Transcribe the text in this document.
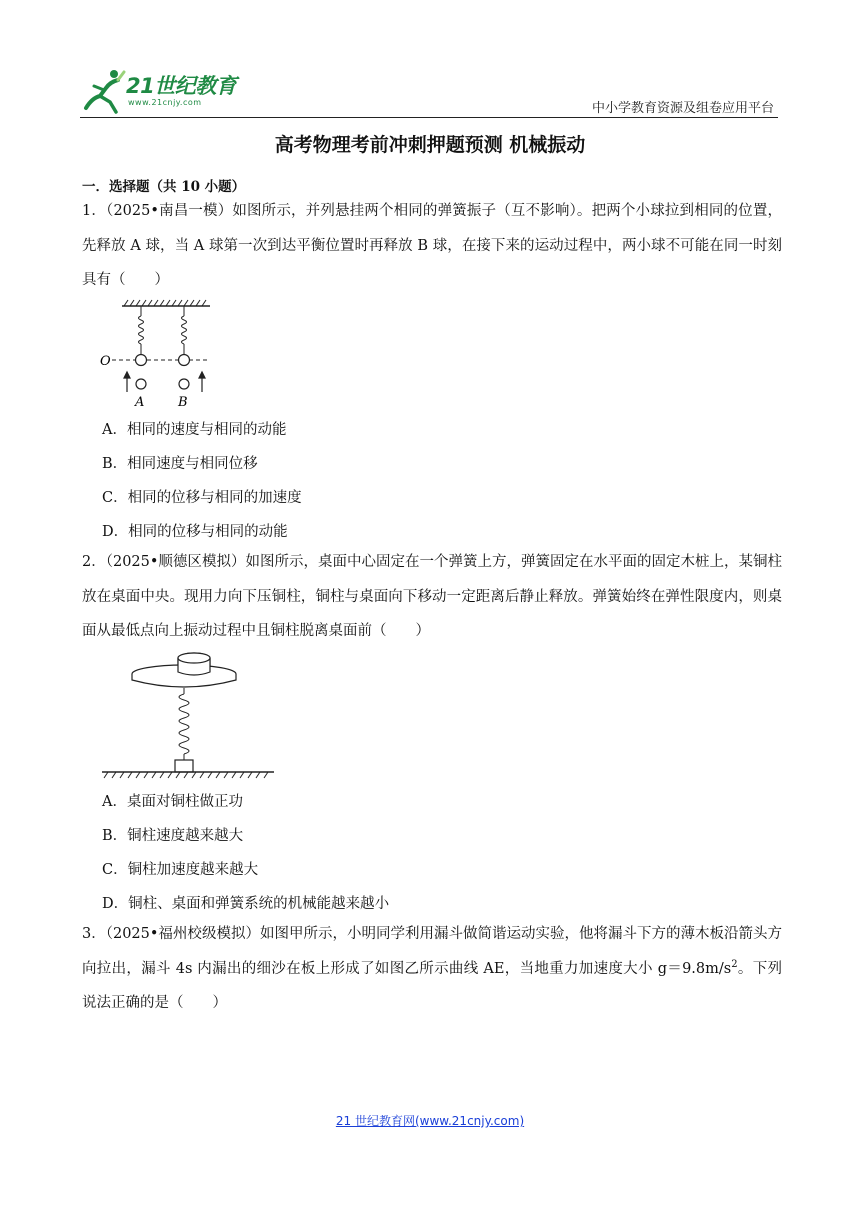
21世纪教育
www.21cnjy.com	中小学教育资源及组卷应用平台
高考物理考前冲刺押题预测 机械振动
一．选择题（共 10 小题）
1．（2025•南昌一模）如图所示，并列悬挂两个相同的弹簧振子（互不影响）。把两个小球拉到相同的位置，先释放 A 球，当 A 球第一次到达平衡位置时再释放 B 球，在接下来的运动过程中，两小球不可能在同一时刻具有（　　）
O
A	B
A．相同的速度与相同的动能
B．相同速度与相同位移
C．相同的位移与相同的加速度
D．相同的位移与相同的动能
2．（2025•顺德区模拟）如图所示，桌面中心固定在一个弹簧上方，弹簧固定在水平面的固定木桩上，某铜柱放在桌面中央。现用力向下压铜柱，铜柱与桌面向下移动一定距离后静止释放。弹簧始终在弹性限度内，则桌面从最低点向上振动过程中且铜柱脱离桌面前（　　）
A．桌面对铜柱做正功
B．铜柱速度越来越大
C．铜柱加速度越来越大
D．铜柱、桌面和弹簧系统的机械能越来越小
3．（2025•福州校级模拟）如图甲所示，小明同学利用漏斗做简谐运动实验，他将漏斗下方的薄木板沿箭头方向拉出，漏斗 4s 内漏出的细沙在板上形成了如图乙所示曲线 AE，当地重力加速度大小 $g=9.8m/s^2$。下列说法正确的是（　　）
21 世纪教育网(www.21cnjy.com)
